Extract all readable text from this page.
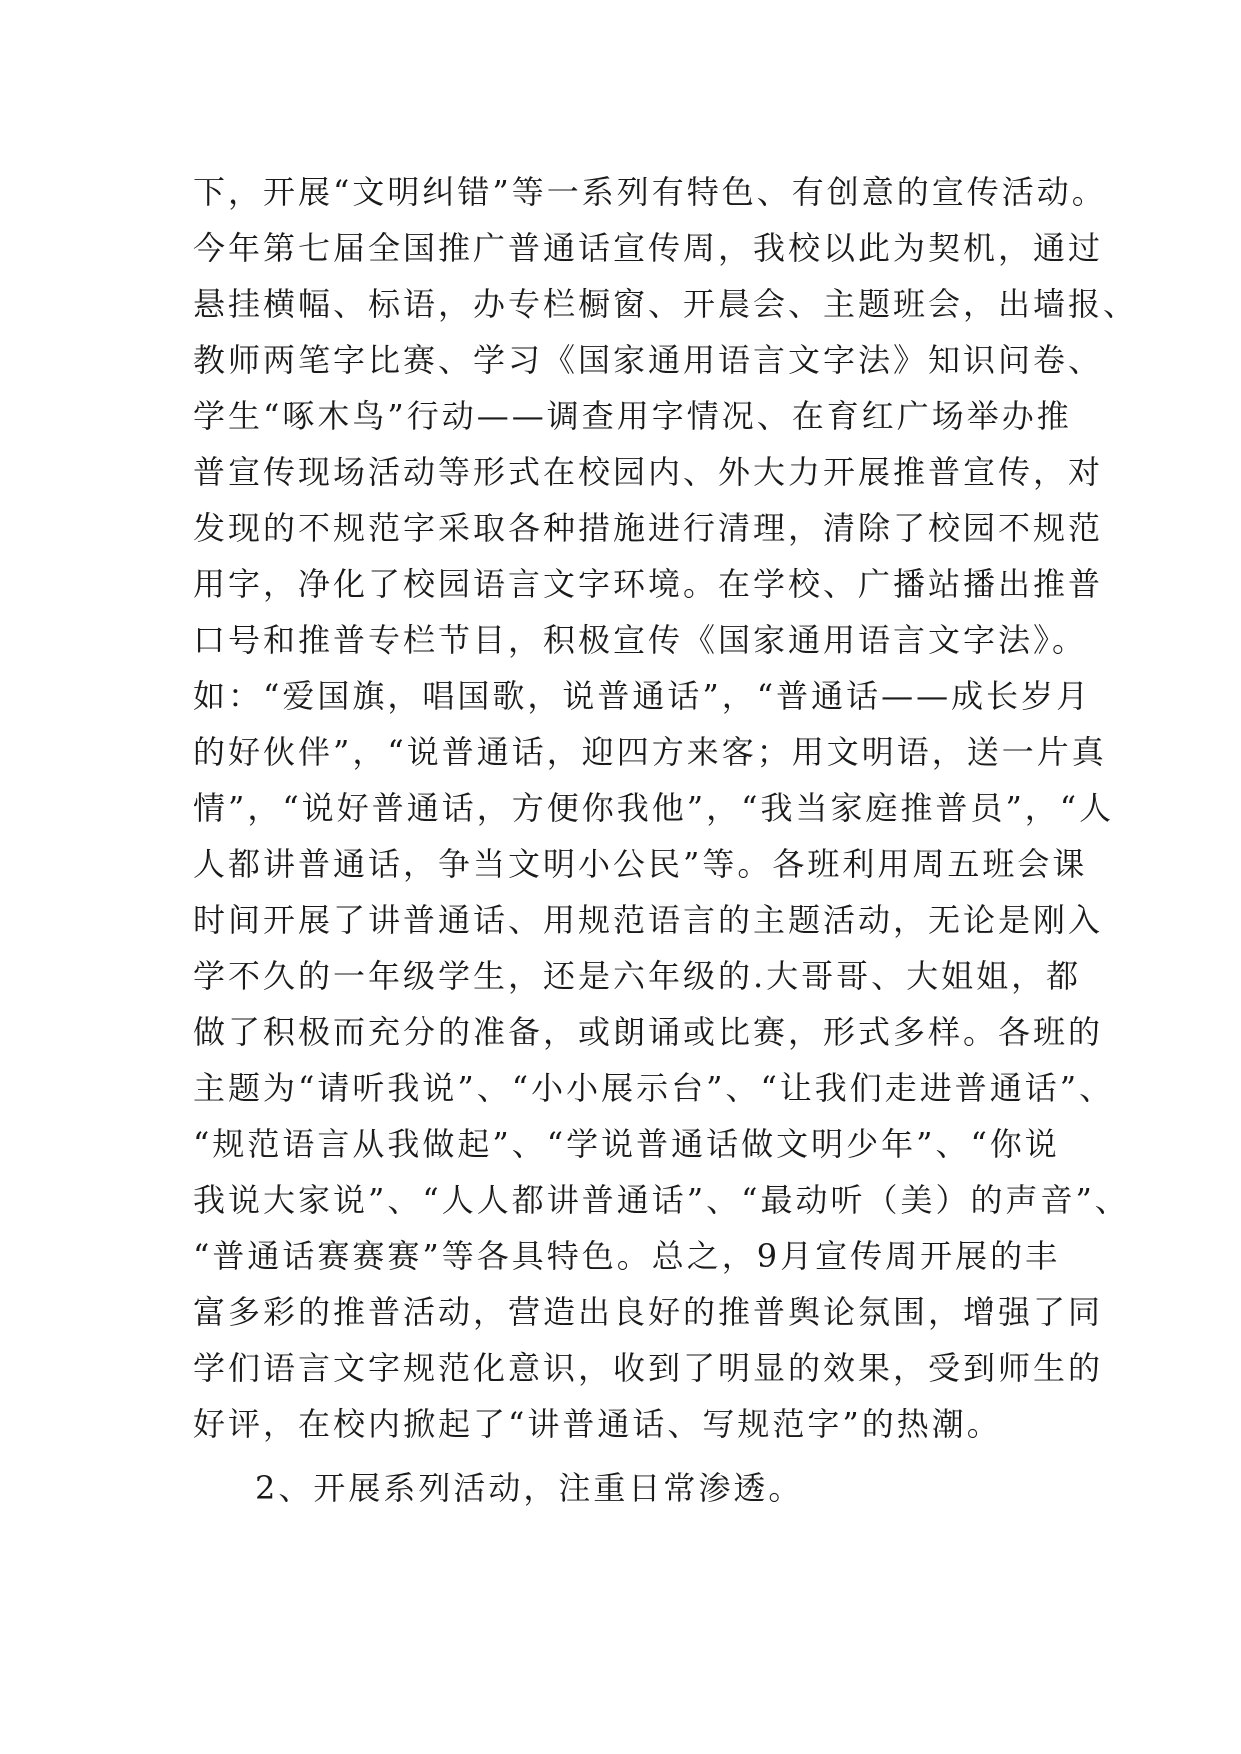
下，开展“文明纠错”等一系列有特色、有创意的宣传活动。
今年第七届全国推广普通话宣传周，我校以此为契机，通过
悬挂横幅、标语，办专栏橱窗、开晨会、主题班会，出墙报、
教师两笔字比赛、学习《国家通用语言文字法》知识问卷、
学生“啄木鸟”行动——调查用字情况、在育红广场举办推
普宣传现场活动等形式在校园内、外大力开展推普宣传，对
发现的不规范字采取各种措施进行清理，清除了校园不规范
用字，净化了校园语言文字环境。在学校、广播站播出推普
口号和推普专栏节目，积极宣传《国家通用语言文字法》。
如：“爱国旗，唱国歌，说普通话”，“普通话——成长岁月
的好伙伴”，“说普通话，迎四方来客；用文明语，送一片真
情”，“说好普通话，方便你我他”，“我当家庭推普员”，“人
人都讲普通话，争当文明小公民”等。各班利用周五班会课
时间开展了讲普通话、用规范语言的主题活动，无论是刚入
学不久的一年级学生，还是六年级的.大哥哥、大姐姐，都
做了积极而充分的准备，或朗诵或比赛，形式多样。各班的
主题为“请听我说”、“小小展示台”、“让我们走进普通话”、
“规范语言从我做起”、“学说普通话做文明少年”、“你说
我说大家说”、“人人都讲普通话”、“最动听（美）的声音”、
“普通话赛赛赛”等各具特色。总之，9月宣传周开展的丰
富多彩的推普活动，营造出良好的推普舆论氛围，增强了同
学们语言文字规范化意识，收到了明显的效果，受到师生的
好评，在校内掀起了“讲普通话、写规范字”的热潮。
2、开展系列活动，注重日常渗透。
